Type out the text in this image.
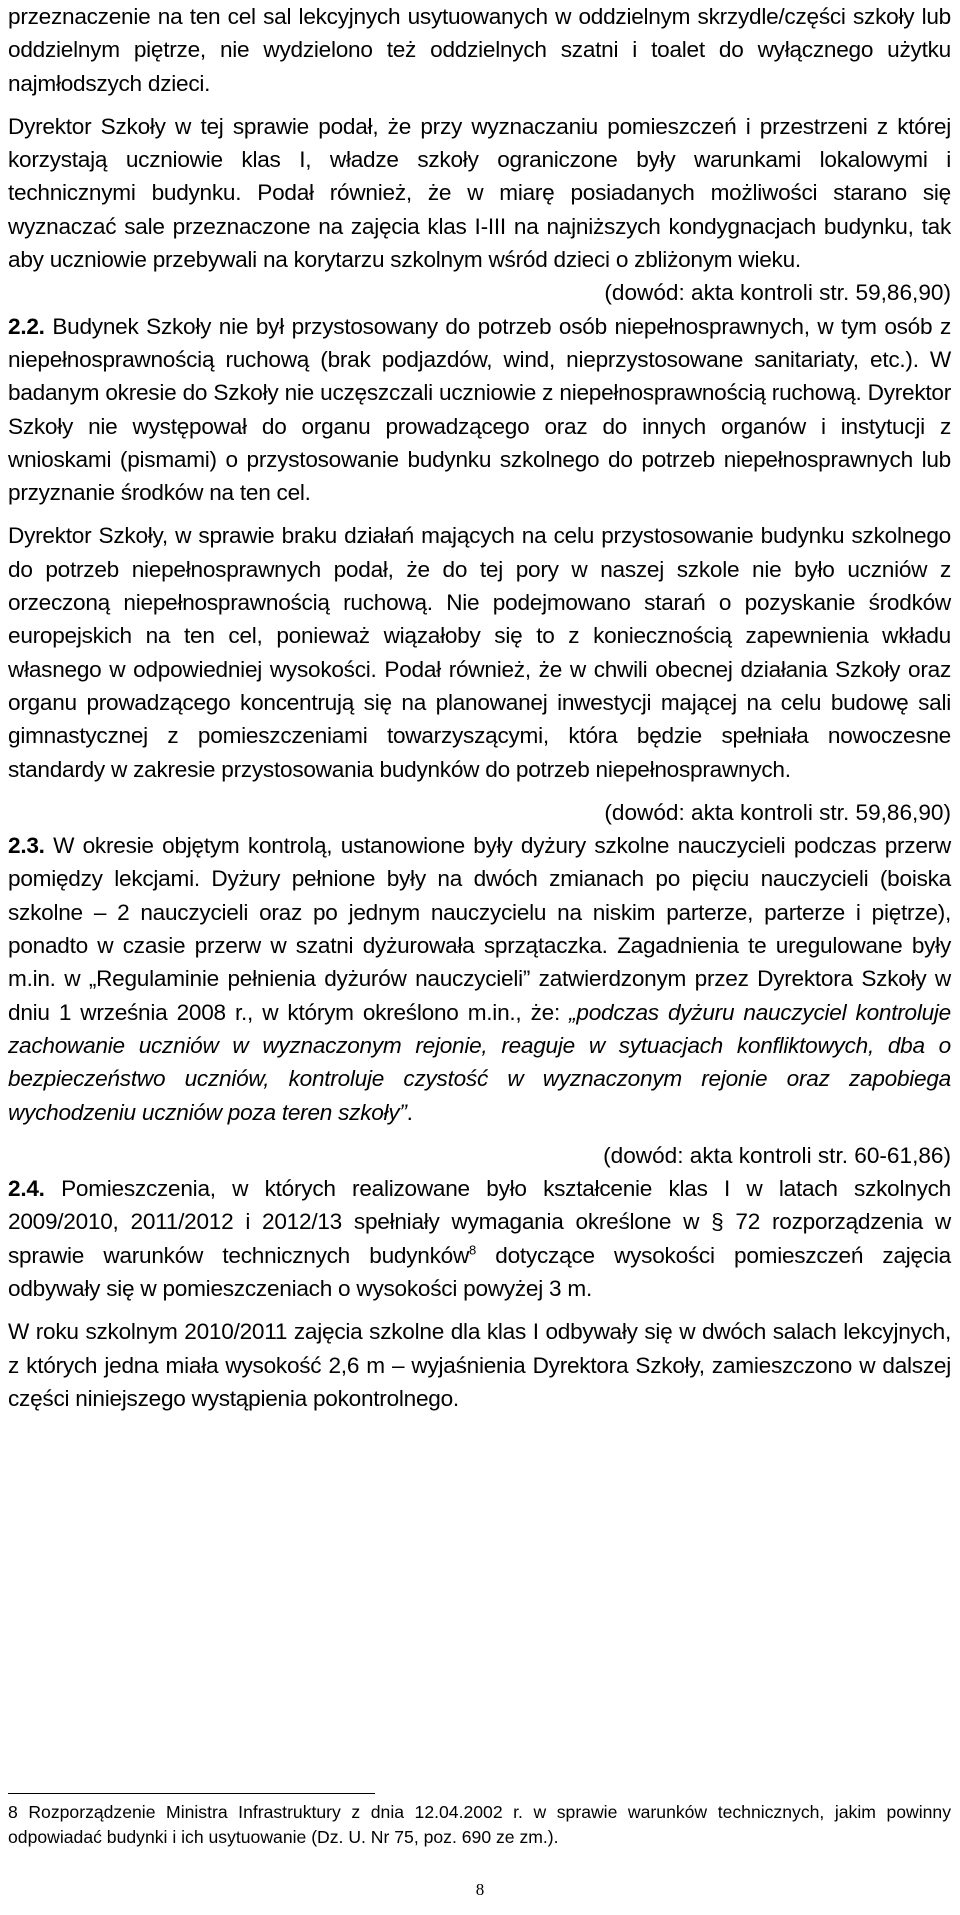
przeznaczenie na ten cel sal lekcyjnych usytuowanych w oddzielnym skrzydle/części szkoły lub oddzielnym piętrze, nie wydzielono też oddzielnych szatni i toalet do wyłącznego użytku najmłodszych dzieci.

Dyrektor Szkoły w tej sprawie podał, że przy wyznaczaniu pomieszczeń i przestrzeni z której korzystają uczniowie klas I, władze szkoły ograniczone były warunkami lokalowymi i technicznymi budynku. Podał również, że w miarę posiadanych możliwości starano się wyznaczać sale przeznaczone na zajęcia klas I-III na najniższych kondygnacjach budynku, tak aby uczniowie przebywali na korytarzu szkolnym wśród dzieci o zbliżonym wieku.

(dowód: akta kontroli str. 59,86,90)

2.2. Budynek Szkoły nie był przystosowany do potrzeb osób niepełnosprawnych, w tym osób z niepełnosprawnością ruchową (brak podjazdów, wind, nieprzystosowane sanitariaty, etc.). W badanym okresie do Szkoły nie uczęszczali uczniowie z niepełnosprawnością ruchową. Dyrektor Szkoły nie występował do organu prowadzącego oraz do innych organów i instytucji z wnioskami (pismami) o przystosowanie budynku szkolnego do potrzeb niepełnosprawnych lub przyznanie środków na ten cel.

Dyrektor Szkoły, w sprawie braku działań mających na celu przystosowanie budynku szkolnego do potrzeb niepełnosprawnych podał, że do tej pory w naszej szkole nie było uczniów z orzeczoną niepełnosprawnością ruchową. Nie podejmowano starań o pozyskanie środków europejskich na ten cel, ponieważ wiązałoby się to z koniecznością zapewnienia wkładu własnego w odpowiedniej wysokości. Podał również, że w chwili obecnej działania Szkoły oraz organu prowadzącego koncentrują się na planowanej inwestycji mającej na celu budowę sali gimnastycznej z pomieszczeniami towarzyszącymi, która będzie spełniała nowoczesne standardy w zakresie przystosowania budynków do potrzeb niepełnosprawnych.

(dowód: akta kontroli str. 59,86,90)

2.3. W okresie objętym kontrolą, ustanowione były dyżury szkolne nauczycieli podczas przerw pomiędzy lekcjami. Dyżury pełnione były na dwóch zmianach po pięciu nauczycieli (boiska szkolne – 2 nauczycieli oraz po jednym nauczycielu na niskim parterze, parterze i piętrze), ponadto w czasie przerw w szatni dyżurowała sprzątaczka. Zagadnienia te uregulowane były m.in. w „Regulaminie pełnienia dyżurów nauczycieli” zatwierdzonym przez Dyrektora Szkoły w dniu 1 września 2008 r., w którym określono m.in., że: „podczas dyżuru nauczyciel kontroluje zachowanie uczniów w wyznaczonym rejonie, reaguje w sytuacjach konfliktowych, dba o bezpieczeństwo uczniów, kontroluje czystość w wyznaczonym rejonie oraz zapobiega wychodzeniu uczniów poza teren szkoły”.

(dowód: akta kontroli str. 60-61,86)

2.4. Pomieszczenia, w których realizowane było kształcenie klas I w latach szkolnych 2009/2010, 2011/2012 i 2012/13 spełniały wymagania określone w § 72 rozporządzenia w sprawie warunków technicznych budynków$^8$ dotyczące wysokości pomieszczeń zajęcia odbywały się w pomieszczeniach o wysokości powyżej 3 m.

W roku szkolnym 2010/2011 zajęcia szkolne dla klas I odbywały się w dwóch salach lekcyjnych, z których jedna miała wysokość 2,6 m – wyjaśnienia Dyrektora Szkoły, zamieszczono w dalszej części niniejszego wystąpienia pokontrolnego.

8 Rozporządzenie Ministra Infrastruktury z dnia 12.04.2002 r. w sprawie warunków technicznych, jakim powinny odpowiadać budynki i ich usytuowanie (Dz. U. Nr 75, poz. 690 ze zm.).

8
